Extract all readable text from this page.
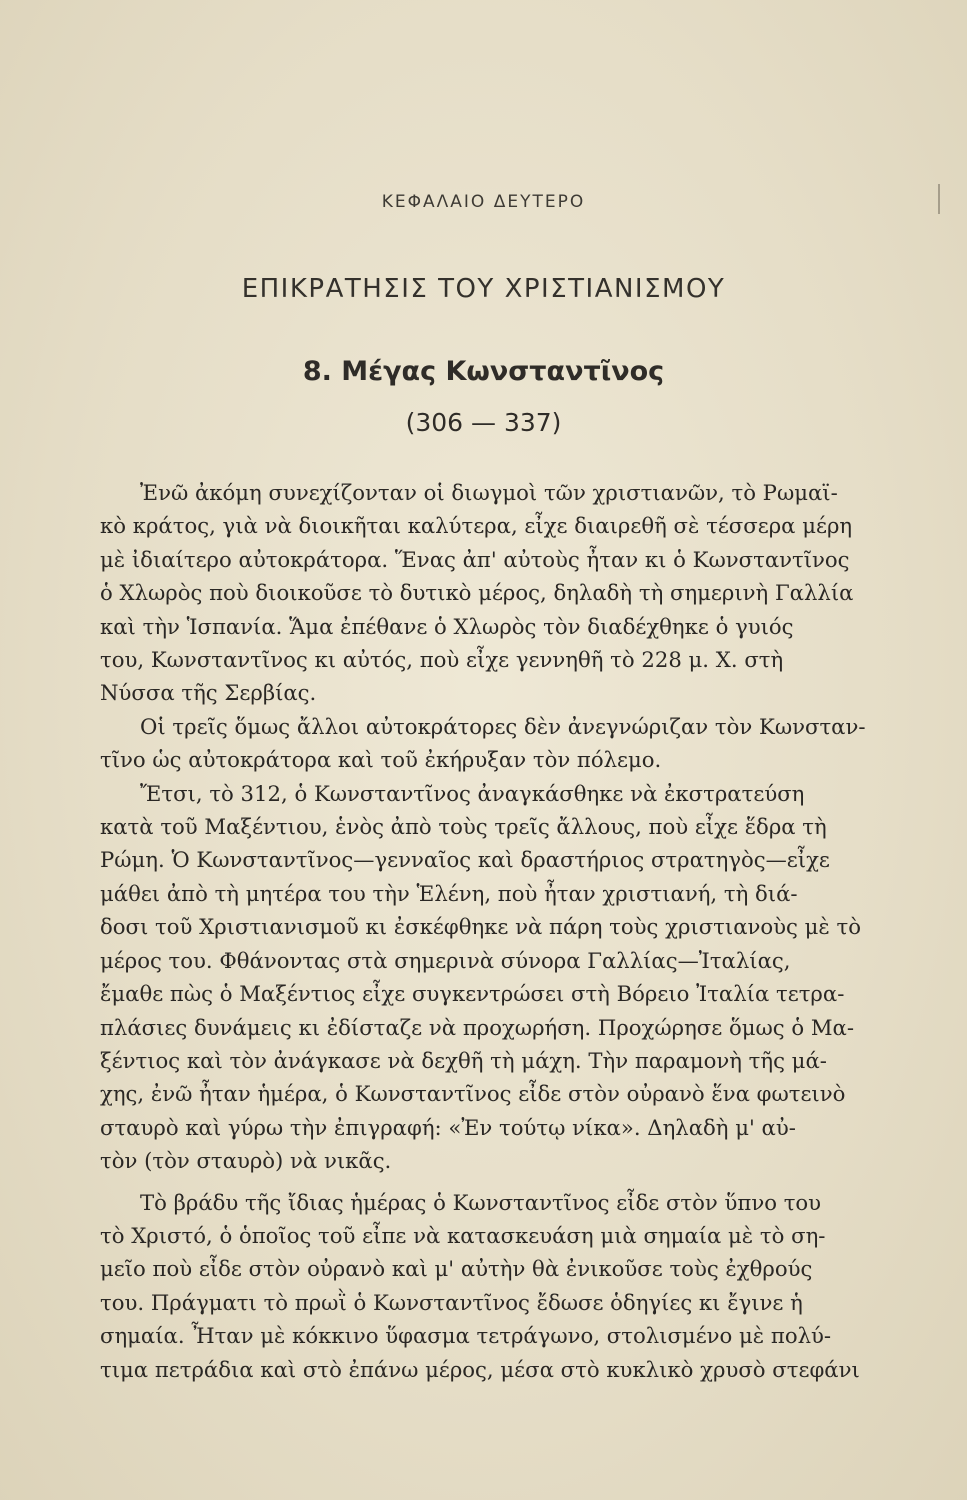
ΚΕΦΑΛΑΙΟ ΔΕΥΤΕΡΟ
ΕΠΙΚΡΑΤΗΣΙΣ ΤΟΥ ΧΡΙΣΤΙΑΝΙΣΜΟΥ
8. Μέγας Κωνσταντῖνος
(306 — 337)
Ἐνῶ ἀκόμη συνεχίζονταν οἱ διωγμοὶ τῶν χριστιανῶν, τὸ Ρωμαϊ-
κὸ κράτος, γιὰ νὰ διοικῆται καλύτερα, εἶχε διαιρεθῆ σὲ τέσσερα μέρη
μὲ ἰδιαίτερο αὐτοκράτορα. Ἕνας ἀπ' αὐτοὺς ἦταν κι ὁ Κωνσταντῖνος
ὁ Χλωρὸς ποὺ διοικοῦσε τὸ δυτικὸ μέρος, δηλαδὴ τὴ σημερινὴ Γαλλία
καὶ τὴν Ἱσπανία. Ἅμα ἐπέθανε ὁ Χλωρὸς τὸν διαδέχθηκε ὁ γυιός
του, Κωνσταντῖνος κι αὐτός, ποὺ εἶχε γεννηθῆ τὸ 228 μ. Χ. στὴ
Νύσσα τῆς Σερβίας.
Οἱ τρεῖς ὅμως ἄλλοι αὐτοκράτορες δὲν ἀνεγνώριζαν τὸν Κωνσταν-
τῖνο ὡς αὐτοκράτορα καὶ τοῦ ἐκήρυξαν τὸν πόλεμο.
Ἔτσι, τὸ 312, ὁ Κωνσταντῖνος ἀναγκάσθηκε νὰ ἐκστρατεύση
κατὰ τοῦ Μαξέντιου, ἑνὸς ἀπὸ τοὺς τρεῖς ἄλλους, ποὺ εἶχε ἕδρα τὴ
Ρώμη. Ὁ Κωνσταντῖνος—γενναῖος καὶ δραστήριος στρατηγὸς—εἶχε
μάθει ἀπὸ τὴ μητέρα του τὴν Ἑλένη, ποὺ ἦταν χριστιανή, τὴ διά-
δοσι τοῦ Χριστιανισμοῦ κι ἐσκέφθηκε νὰ πάρη τοὺς χριστιανοὺς μὲ τὸ
μέρος του. Φθάνοντας στὰ σημερινὰ σύνορα Γαλλίας—Ἰταλίας,
ἔμαθε πὼς ὁ Μαξέντιος εἶχε συγκεντρώσει στὴ Βόρειο Ἰταλία τετρα-
πλάσιες δυνάμεις κι ἐδίσταζε νὰ προχωρήση. Προχώρησε ὅμως ὁ Μα-
ξέντιος καὶ τὸν ἀνάγκασε νὰ δεχθῆ τὴ μάχη. Τὴν παραμονὴ τῆς μά-
χης, ἐνῶ ἦταν ἡμέρα, ὁ Κωνσταντῖνος εἶδε στὸν οὐρανὸ ἕνα φωτεινὸ
σταυρὸ καὶ γύρω τὴν ἐπιγραφή: «Ἐν τούτῳ νίκα». Δηλαδὴ μ' αὐ-
τὸν (τὸν σταυρὸ) νὰ νικᾶς.
Τὸ βράδυ τῆς ἴδιας ἡμέρας ὁ Κωνσταντῖνος εἶδε στὸν ὕπνο του
τὸ Χριστό, ὁ ὁποῖος τοῦ εἶπε νὰ κατασκευάση μιὰ σημαία μὲ τὸ ση-
μεῖο ποὺ εἶδε στὸν οὐρανὸ καὶ μ' αὐτὴν θὰ ἐνικοῦσε τοὺς ἐχθρούς
του. Πράγματι τὸ πρωῒ ὁ Κωνσταντῖνος ἔδωσε ὁδηγίες κι ἔγινε ἡ
σημαία. Ἦταν μὲ κόκκινο ὕφασμα τετράγωνο, στολισμένο μὲ πολύ-
τιμα πετράδια καὶ στὸ ἐπάνω μέρος, μέσα στὸ κυκλικὸ χρυσὸ στεφάνι
